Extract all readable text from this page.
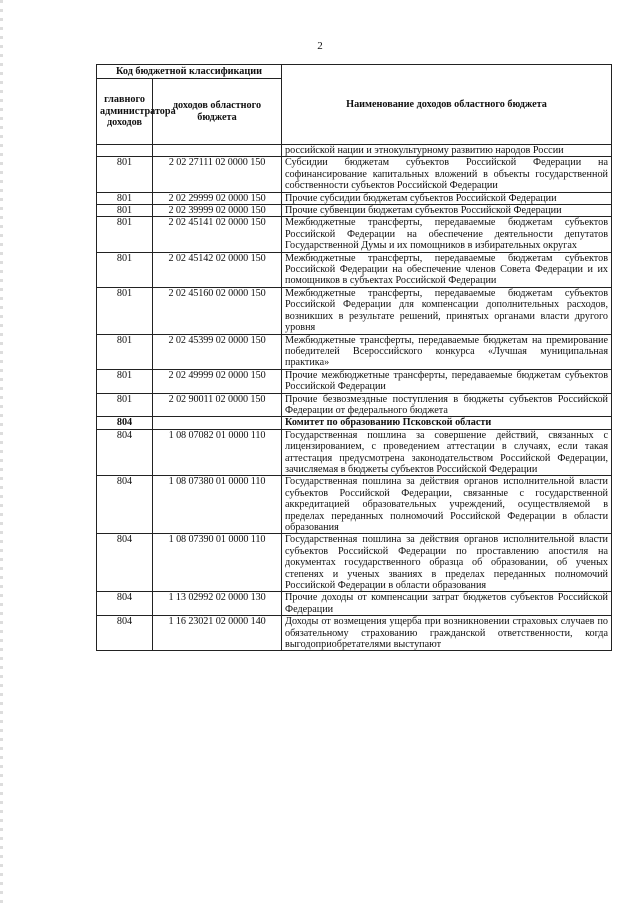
2
Код бюджетной классификации		Наименование доходов областного бюджета
главного администратора доходов	доходов областного бюджета	
		российской нации и этнокультурному развитию народов России
801	2 02 27111 02 0000 150	Субсидии бюджетам субъектов Российской Федерации на софинансирование капитальных вложений в объекты государственной собственности субъектов Российской Федерации
801	2 02 29999 02 0000 150	Прочие субсидии бюджетам субъектов Российской Федерации
801	2 02 39999 02 0000 150	Прочие субвенции бюджетам субъектов Российской Федерации
801	2 02 45141 02 0000 150	Межбюджетные трансферты, передаваемые бюджетам субъектов Российской Федерации на обеспечение деятельности депутатов Государственной Думы и их помощников в избирательных округах
801	2 02 45142 02 0000 150	Межбюджетные трансферты, передаваемые бюджетам субъектов Российской Федерации на обеспечение членов Совета Федерации и их помощников в субъектах Российской Федерации
801	2 02 45160 02 0000 150	Межбюджетные трансферты, передаваемые бюджетам субъектов Российской Федерации для компенсации дополнительных расходов, возникших в результате решений, принятых органами власти другого уровня
801	2 02 45399 02 0000 150	Межбюджетные трансферты, передаваемые бюджетам на премирование победителей Всероссийского конкурса «Лучшая муниципальная практика»
801	2 02 49999 02 0000 150	Прочие межбюджетные трансферты, передаваемые бюджетам субъектов Российской Федерации
801	2 02 90011 02 0000 150	Прочие безвозмездные поступления в бюджеты субъектов Российской Федерации от федерального бюджета
804		Комитет по образованию Псковской области
804	1 08 07082 01 0000 110	Государственная пошлина за совершение действий, связанных с лицензированием, с проведением аттестации в случаях, если такая аттестация предусмотрена законодательством Российской Федерации, зачисляемая в бюджеты субъектов Российской Федерации
804	1 08 07380 01 0000 110	Государственная пошлина за действия органов исполнительной власти субъектов Российской Федерации, связанные с государственной аккредитацией образовательных учреждений, осуществляемой в пределах переданных полномочий Российской Федерации в области образования
804	1 08 07390 01 0000 110	Государственная пошлина за действия органов исполнительной власти субъектов Российской Федерации по проставлению апостиля на документах государственного образца об образовании, об ученых степенях и ученых званиях в пределах переданных полномочий Российской Федерации в области образования
804	1 13 02992 02 0000 130	Прочие доходы от компенсации затрат бюджетов субъектов Российской Федерации
804	1 16 23021 02 0000 140	Доходы от возмещения ущерба при возникновении страховых случаев по обязательному страхованию гражданской ответственности, когда выгодоприобретателями выступают
